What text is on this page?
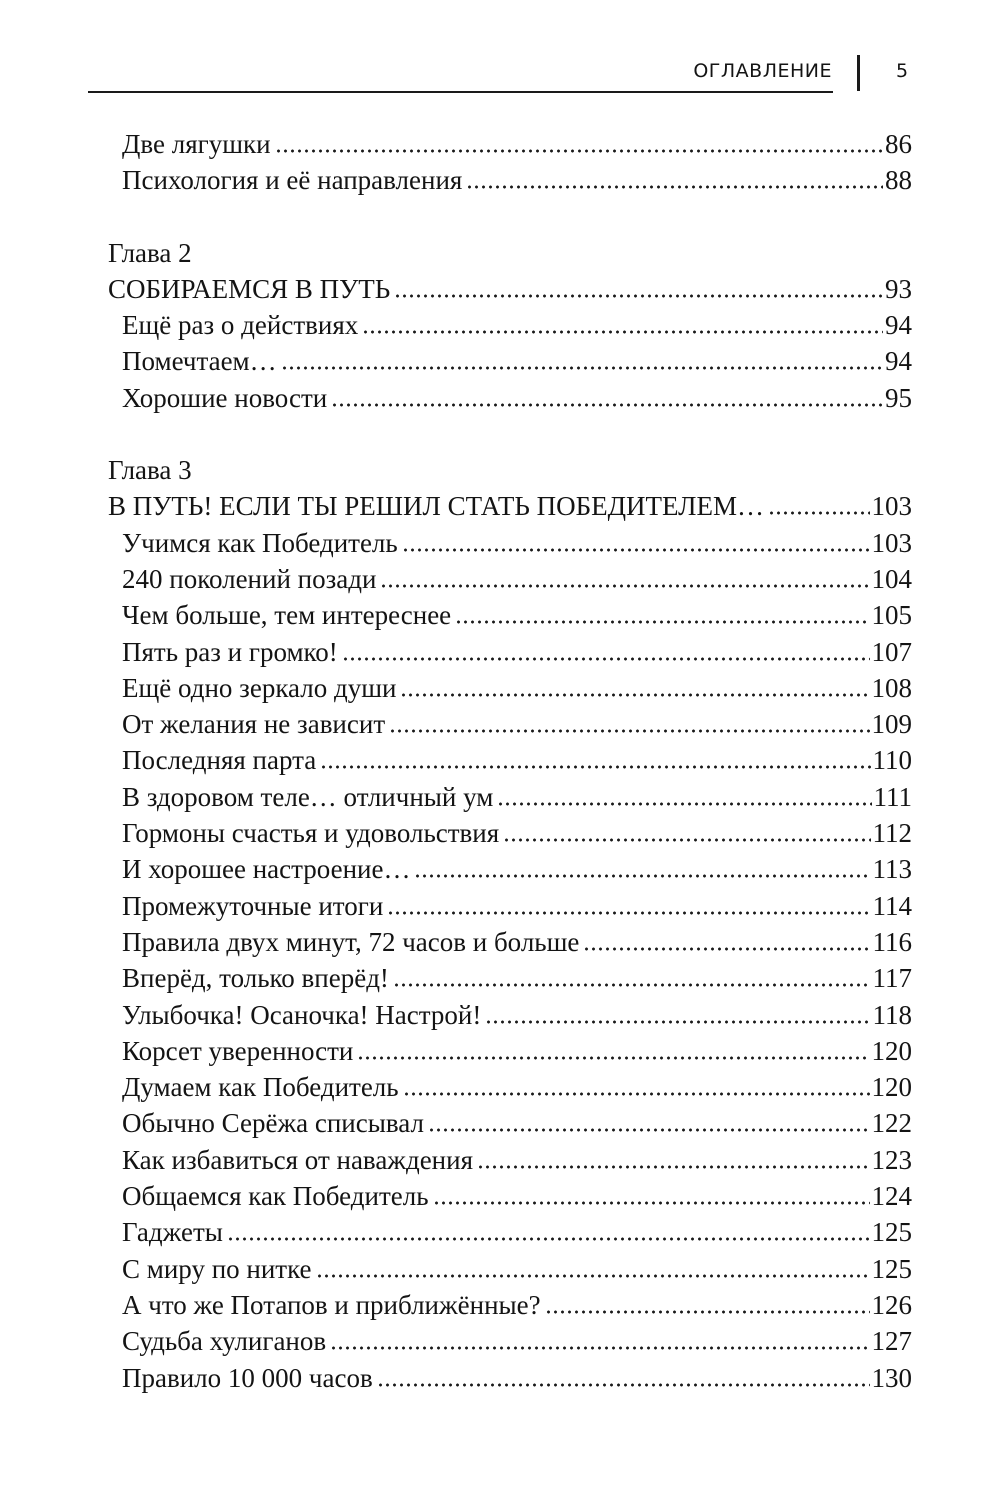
ОГЛАВЛЕНИЕ	5
Две лягушки	86
Психология и её направления	88
Глава 2
СОБИРАЕМСЯ В ПУТЬ	93
Ещё раз о действиях	94
Помечтаем…	94
Хорошие новости	95
Глава 3
В ПУТЬ! ЕСЛИ ТЫ РЕШИЛ СТАТЬ ПОБЕДИТЕЛЕМ…	103
Учимся как Победитель	103
240 поколений позади	104
Чем больше, тем интереснее	105
Пять раз и громко!	107
Ещё одно зеркало души	108
От желания не зависит	109
Последняя парта	110
В здоровом теле… отличный ум	111
Гормоны счастья и удовольствия	112
И хорошее настроение…	113
Промежуточные итоги	114
Правила двух минут, 72 часов и больше	116
Вперёд, только вперёд!	117
Улыбочка! Осаночка! Настрой!	118
Корсет уверенности	120
Думаем как Победитель	120
Обычно Серёжа списывал	122
Как избавиться от наваждения	123
Общаемся как Победитель	124
Гаджеты	125
С миру по нитке	125
А что же Потапов и приближённые?	126
Судьба хулиганов	127
Правило 10 000 часов	130
